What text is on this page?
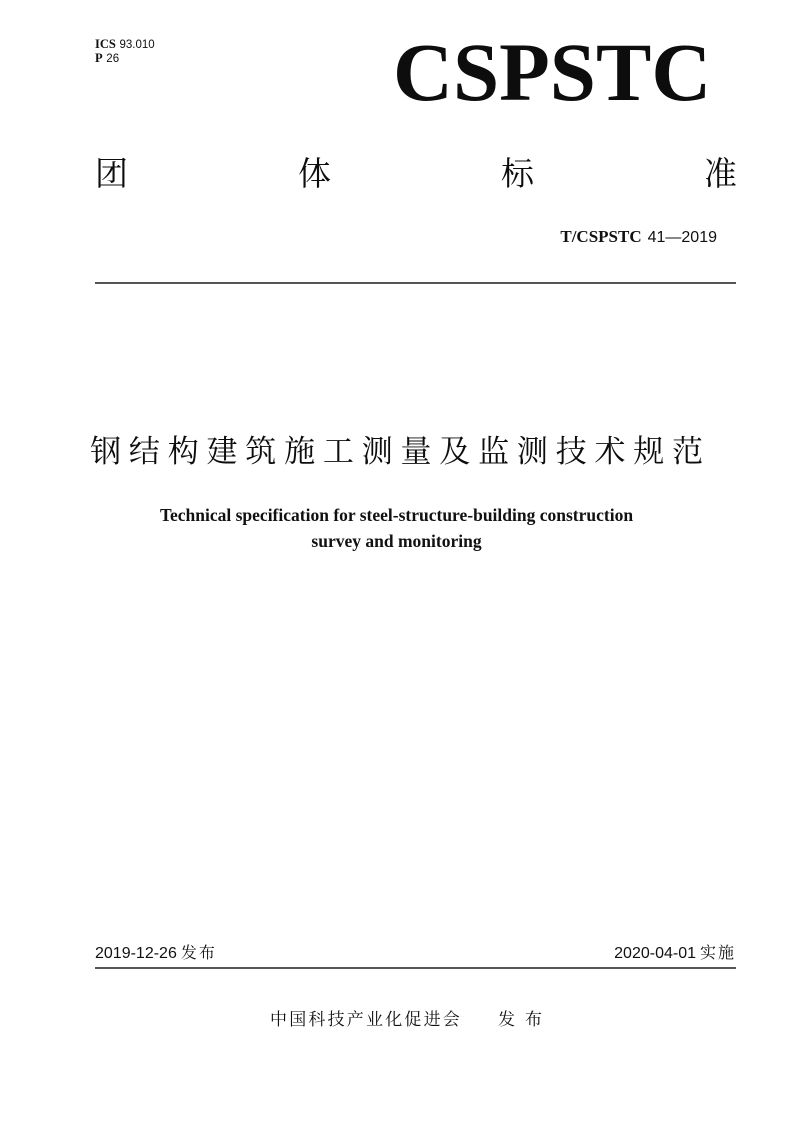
ICS 93.010
P 26	CSPSTC
团	体	标	准
T/CSPSTC 41—2019
钢结构建筑施工测量及监测技术规范
Technical specification for steel-structure-building construction
survey and monitoring
2019-12-26 发布	2020-04-01 实施
中国科技产业化促进会 发布
